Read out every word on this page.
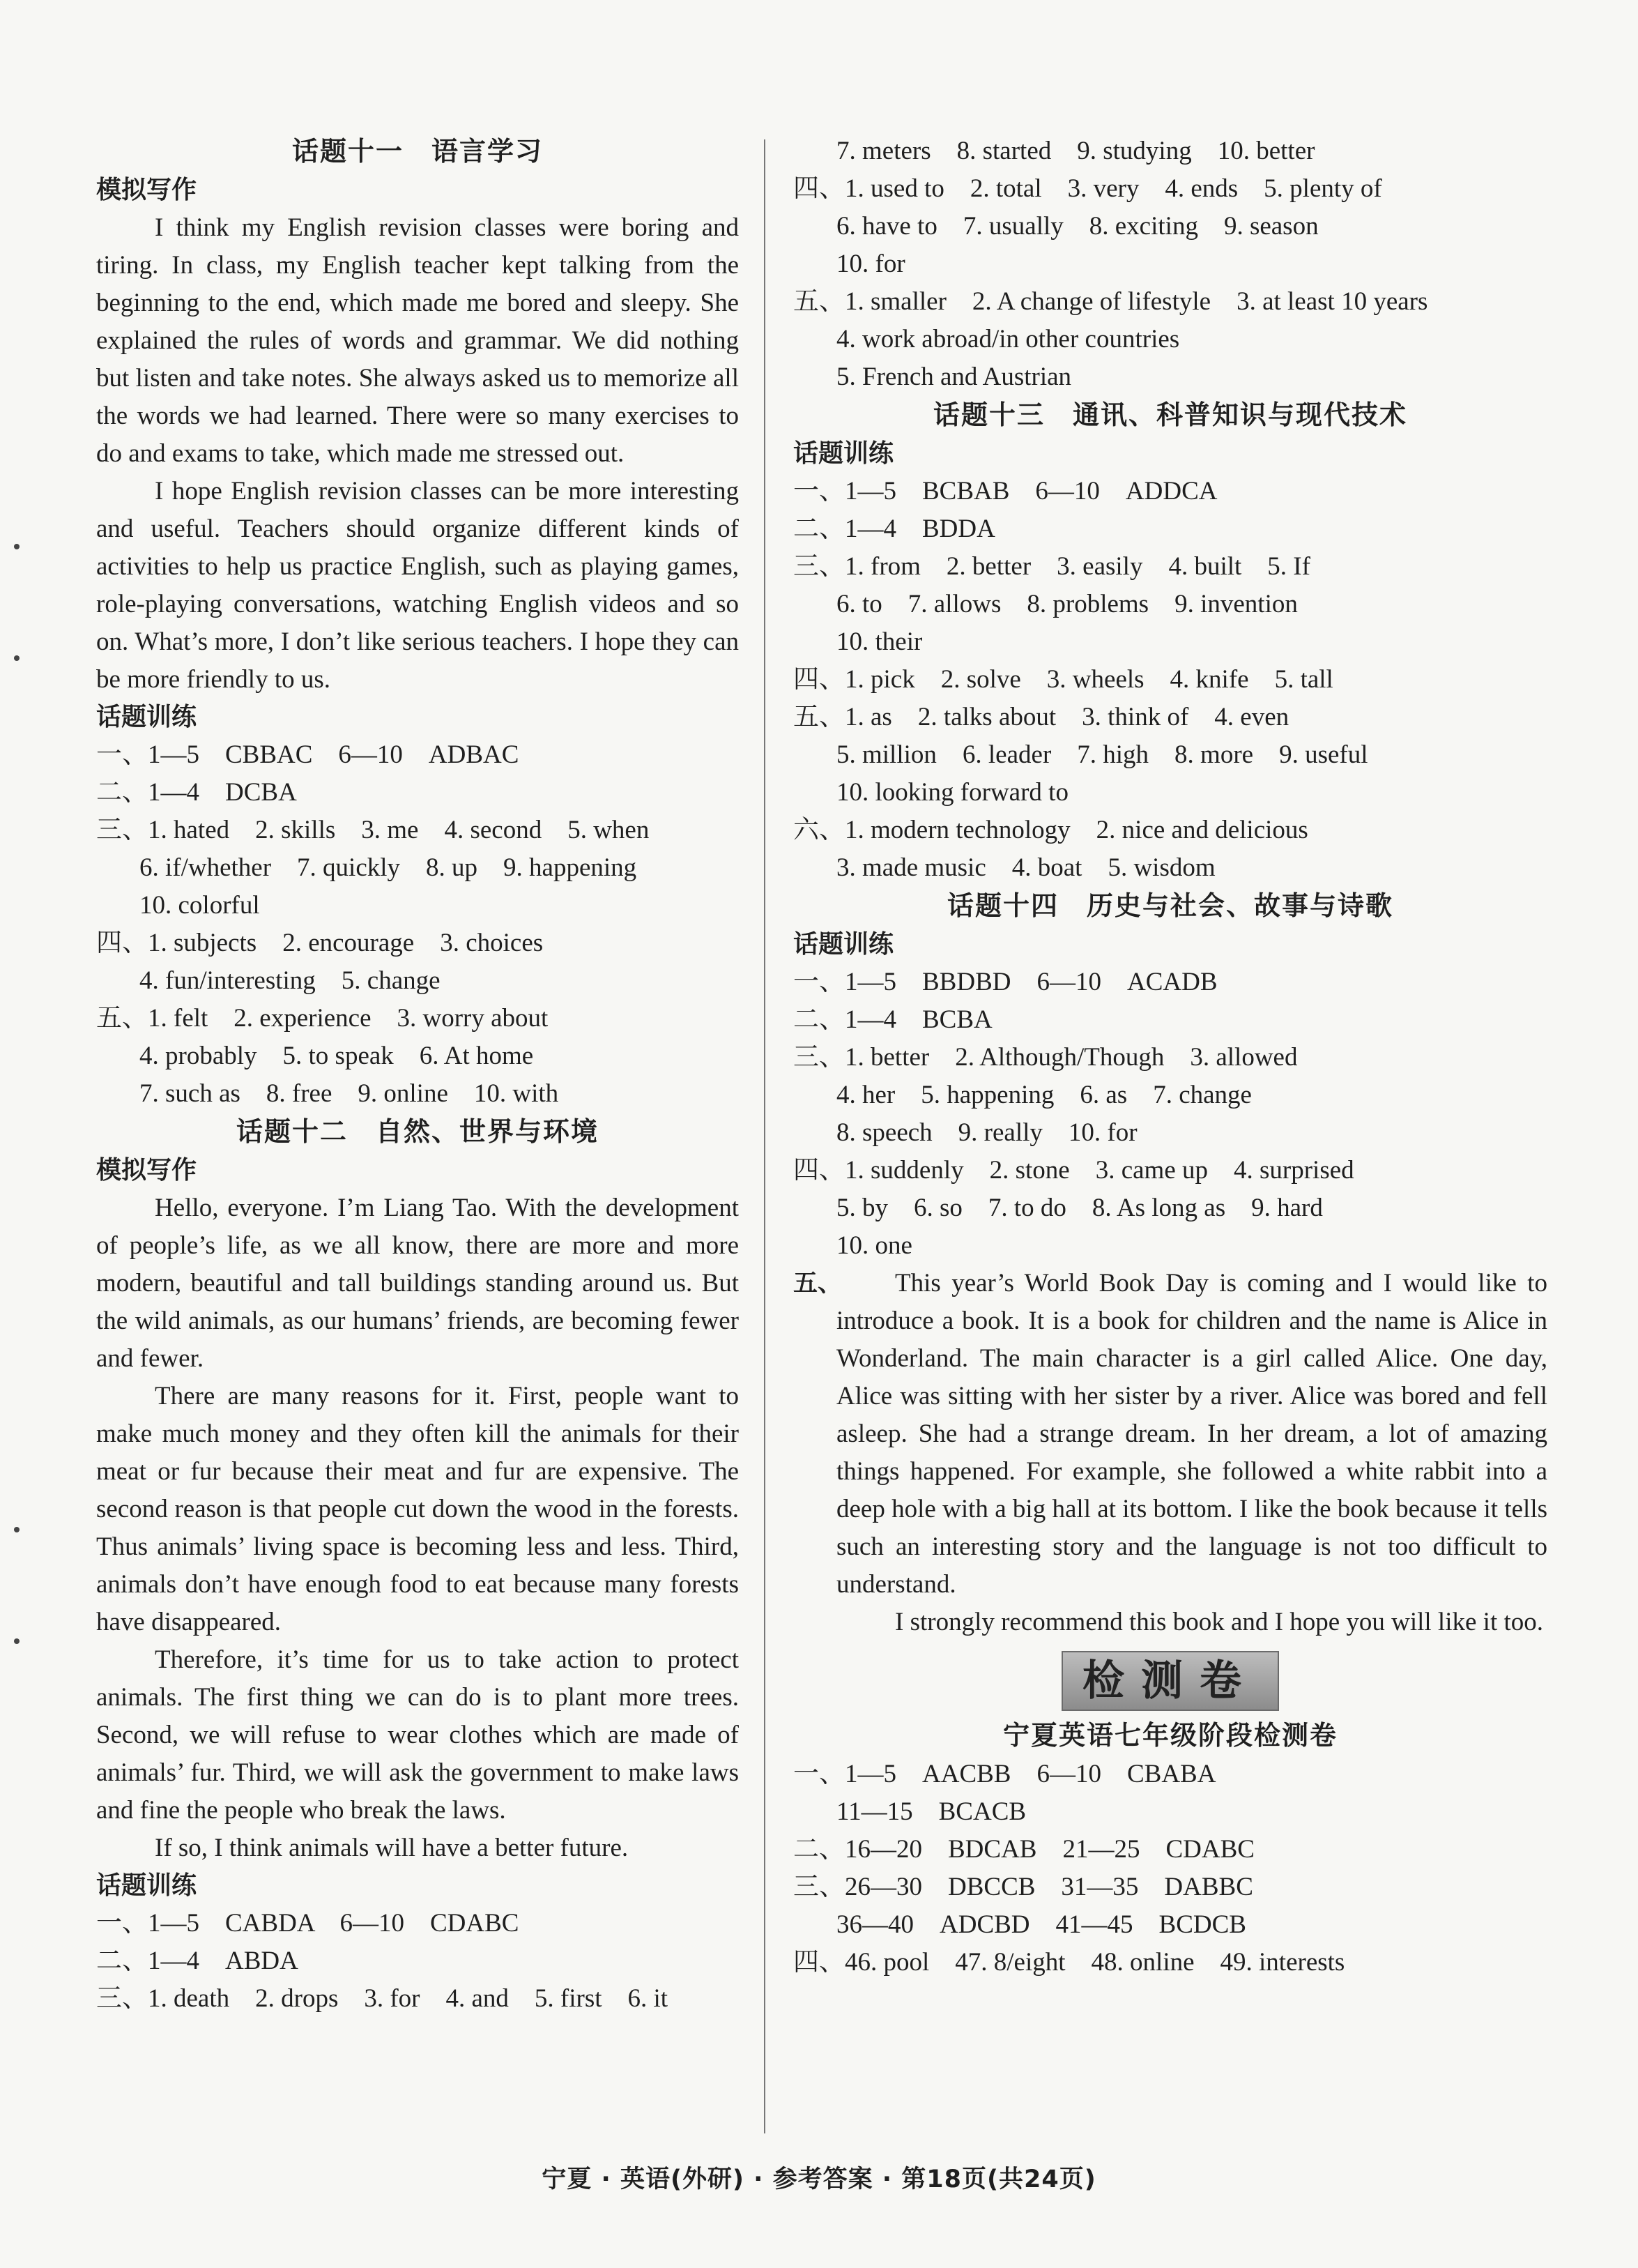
话题十一　语言学习
模拟写作

I think my English revision classes were boring and tiring. In class, my English teacher kept talking from the beginning to the end, which made me bored and sleepy. She explained the rules of words and grammar. We did nothing but listen and take notes. She always asked us to memorize all the words we had learned. There were so many exercises to do and exams to take, which made me stressed out.

I hope English revision classes can be more interesting and useful. Teachers should organize different kinds of activities to help us practice English, such as playing games, role-playing conversations, watching English videos and so on. What’s more, I don’t like serious teachers. I hope they can be more friendly to us.

话题训练
一、1—5　CBBAC　6—10　ADBAC
二、1—4　DCBA
三、1. hated　2. skills　3. me　4. second　5. when
6. if/whether　7. quickly　8. up　9. happening
10. colorful
四、1. subjects　2. encourage　3. choices
4. fun/interesting　5. change
五、1. felt　2. experience　3. worry about
4. probably　5. to speak　6. At home
7. such as　8. free　9. online　10. with
话题十二　自然、世界与环境
模拟写作

Hello, everyone. I’m Liang Tao. With the development of people’s life, as we all know, there are more and more modern, beautiful and tall buildings standing around us. But the wild animals, as our humans’ friends, are becoming fewer and fewer.

There are many reasons for it. First, people want to make much money and they often kill the animals for their meat or fur because their meat and fur are expensive. The second reason is that people cut down the wood in the forests. Thus animals’ living space is becoming less and less. Third, animals don’t have enough food to eat because many forests have disappeared.

Therefore, it’s time for us to take action to protect animals. The first thing we can do is to plant more trees. Second, we will refuse to wear clothes which are made of animals’ fur. Third, we will ask the government to make laws and fine the people who break the laws.

If so, I think animals will have a better future.

话题训练
一、1—5　CABDA　6—10　CDABC
二、1—4　ABDA
三、1. death　2. drops　3. for　4. and　5. first　6. it
7. meters　8. started　9. studying　10. better
四、1. used to　2. total　3. very　4. ends　5. plenty of
6. have to　7. usually　8. exciting　9. season
10. for
五、1. smaller　2. A change of lifestyle　3. at least 10 years
4. work abroad/in other countries
5. French and Austrian
话题十三　通讯、科普知识与现代技术
话题训练
一、1—5　BCBAB　6—10　ADDCA
二、1—4　BDDA
三、1. from　2. better　3. easily　4. built　5. If
6. to　7. allows　8. problems　9. invention
10. their
四、1. pick　2. solve　3. wheels　4. knife　5. tall
五、1. as　2. talks about　3. think of　4. even
5. million　6. leader　7. high　8. more　9. useful
10. looking forward to
六、1. modern technology　2. nice and delicious
3. made music　4. boat　5. wisdom
话题十四　历史与社会、故事与诗歌
话题训练
一、1—5　BBDBD　6—10　ACADB
二、1—4　BCBA
三、1. better　2. Although/Though　3. allowed
4. her　5. happening　6. as　7. change
8. speech　9. really　10. for
四、1. suddenly　2. stone　3. came up　4. surprised
5. by　6. so　7. to do　8. As long as　9. hard
10. one
五、	This year’s World Book Day is coming and I would like to introduce a book. It is a book for children and the name is Alice in Wonderland. The main character is a girl called Alice. One day, Alice was sitting with her sister by a river. Alice was bored and fell asleep. She had a strange dream. In her dream, a lot of amazing things happened. For example, she followed a white rabbit into a deep hole with a big hall at its bottom. I like the book because it tells such an interesting story and the language is not too difficult to understand.

I strongly recommend this book and I hope you will like it too.

检测卷
宁夏英语七年级阶段检测卷
一、1—5　AACBB　6—10　CBABA
11—15　BCACB
二、16—20　BDCAB　21—25　CDABC
三、26—30　DBCCB　31—35　DABBC
36—40　ADCBD　41—45　BCDCB
四、46. pool　47. 8/eight　48. online　49. interests
宁夏 · 英语(外研) · 参考答案 · 第18页(共24页)
